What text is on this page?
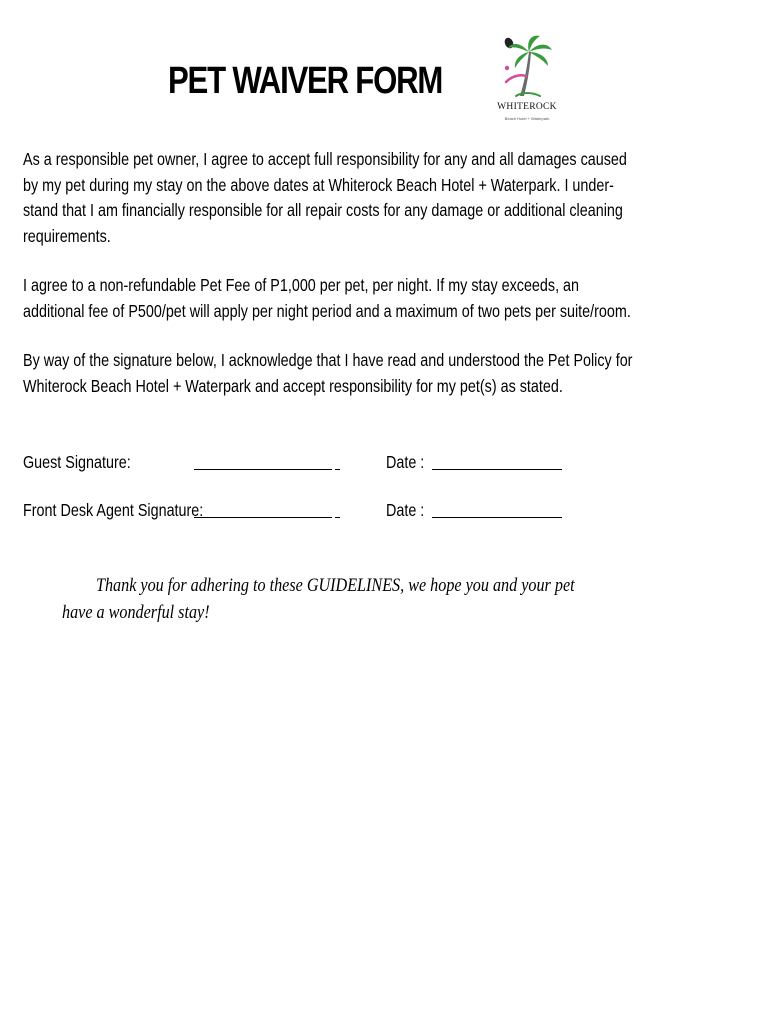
PET WAIVER FORM
WHITEROCK
Beach Hotel + Waterpark

As a responsible pet owner, I agree to accept full responsibility for any and all damages caused
by my pet during my stay on the above dates at Whiterock Beach Hotel + Waterpark. I under-
stand that I am financially responsible for all repair costs for any damage or additional cleaning
requirements.

I agree to a non-refundable Pet Fee of P1,000 per pet, per night. If my stay exceeds, an
additional fee of P500/pet will apply per night period and a maximum of two pets per suite/room.

By way of the signature below, I acknowledge that I have read and understood the Pet Policy for
Whiterock Beach Hotel + Waterpark and accept responsibility for my pet(s) as stated.

Guest Signature:	Date :
Front Desk Agent Signature:	Date :
Thank you for adhering to these GUIDELINES, we hope you and your pet
have a wonderful stay!
